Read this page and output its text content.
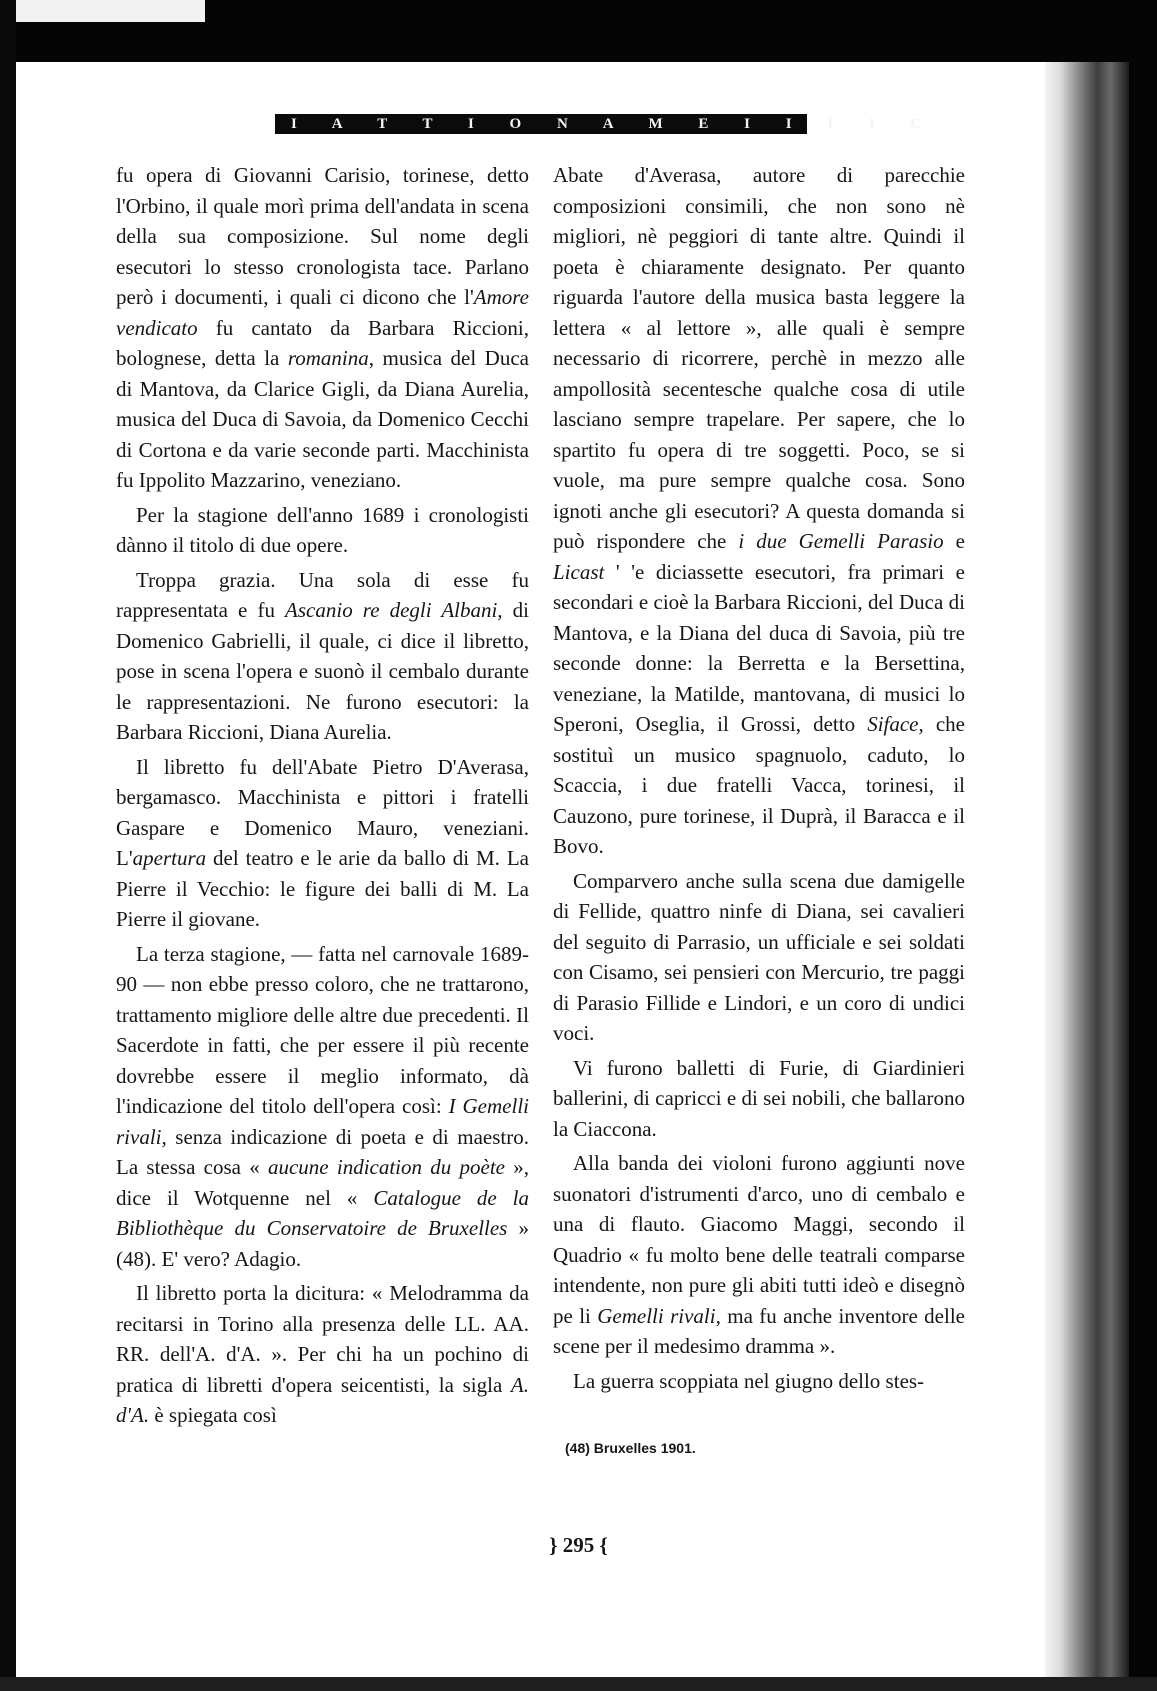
I A T T I O N A M E I I I I C

fu opera di Giovanni Carisio, torinese, detto l'Orbino, il quale morì prima dell'andata in scena della sua composizione. Sul nome degli esecutori lo stesso cronologista tace. Parlano però i documenti, i quali ci dicono che l'Amore vendicato fu cantato da Barbara Riccioni, bolognese, detta la romanina, musica del Duca di Mantova, da Clarice Gigli, da Diana Aurelia, musica del Duca di Savoia, da Domenico Cecchi di Cortona e da varie seconde parti. Macchinista fu Ippolito Mazzarino, veneziano.

Per la stagione dell'anno 1689 i cronologisti dànno il titolo di due opere.

Troppa grazia. Una sola di esse fu rappresentata e fu Ascanio re degli Albani, di Domenico Gabrielli, il quale, ci dice il libretto, pose in scena l'opera e suonò il cembalo durante le rappresentazioni. Ne furono esecutori: la Barbara Riccioni, Diana Aurelia.

Il libretto fu dell'Abate Pietro D'Averasa, bergamasco. Macchinista e pittori i fratelli Gaspare e Domenico Mauro, veneziani. L'apertura del teatro e le arie da ballo di M. La Pierre il Vecchio: le figure dei balli di M. La Pierre il giovane.

La terza stagione, — fatta nel carnovale 1689-90 — non ebbe presso coloro, che ne trattarono, trattamento migliore delle altre due precedenti. Il Sacerdote in fatti, che per essere il più recente dovrebbe essere il meglio informato, dà l'indicazione del titolo dell'opera così: I Gemelli rivali, senza indicazione di poeta e di maestro. La stessa cosa « aucune indication du poète », dice il Wotquenne nel « Catalogue de la Bibliothèque du Conservatoire de Bruxelles » (48). E' vero? Adagio.

Il libretto porta la dicitura: « Melodramma da recitarsi in Torino alla presenza delle LL. AA. RR. dell'A. d'A. ». Per chi ha un pochino di pratica di libretti d'opera seicentisti, la sigla A. d'A. è spiegata così

Abate d'Averasa, autore di parecchie composizioni consimili, che non sono nè migliori, nè peggiori di tante altre. Quindi il poeta è chiaramente designato. Per quanto riguarda l'autore della musica basta leggere la lettera « al lettore », alle quali è sempre necessario di ricorrere, perchè in mezzo alle ampollosità secentesche qualche cosa di utile lasciano sempre trapelare. Per sapere, che lo spartito fu opera di tre soggetti. Poco, se si vuole, ma pure sempre qualche cosa. Sono ignoti anche gli esecutori? A questa domanda si può rispondere che i due Gemelli Parasio e Licast ' 'e diciassette esecutori, fra primari e secondari e cioè la Barbara Riccioni, del Duca di Mantova, e la Diana del duca di Savoia, più tre seconde donne: la Berretta e la Bersettina, veneziane, la Matilde, mantovana, di musici lo Speroni, Oseglia, il Grossi, detto Siface, che sostituì un musico spagnuolo, caduto, lo Scaccia, i due fratelli Vacca, torinesi, il Cauzono, pure torinese, il Duprà, il Baracca e il Bovo.

Comparvero anche sulla scena due damigelle di Fellide, quattro ninfe di Diana, sei cavalieri del seguito di Parrasio, un ufficiale e sei soldati con Cisamo, sei pensieri con Mercurio, tre paggi di Parasio Fillide e Lindori, e un coro di undici voci.

Vi furono balletti di Furie, di Giardinieri ballerini, di capricci e di sei nobili, che ballarono la Ciaccona.

Alla banda dei violoni furono aggiunti nove suonatori d'istrumenti d'arco, uno di cembalo e una di flauto. Giacomo Maggi, secondo il Quadrio « fu molto bene delle teatrali comparse intendente, non pure gli abiti tutti ideò e disegnò pe li Gemelli rivali, ma fu anche inventore delle scene per il medesimo dramma ».

La guerra scoppiata nel giugno dello stes-

(48) Bruxelles 1901.
} 295 {
